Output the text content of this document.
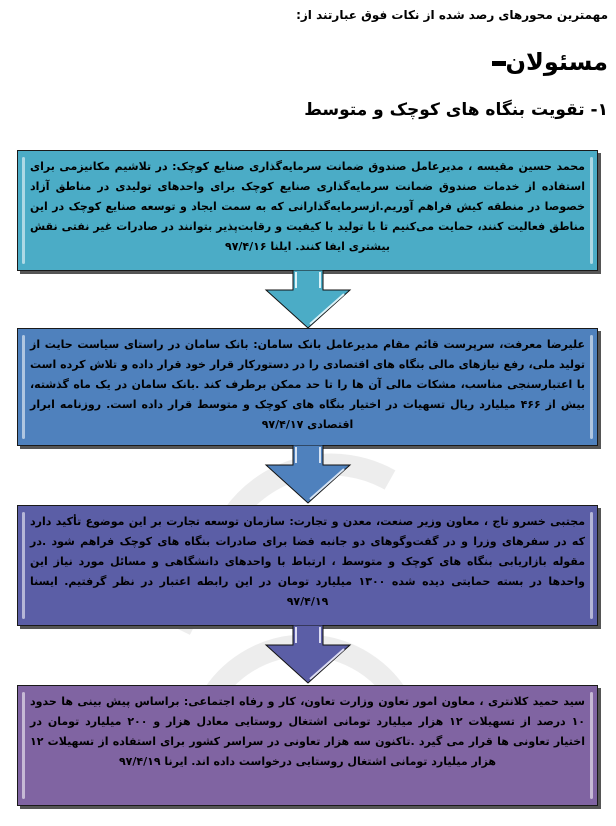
مهمترین محورهای رصد شده از نکات فوق عبارتند از:
مسئولان
۱- تقویت بنگاه های کوچک و متوسط
محمد حسین مقیسه ، مدیرعامل صندوق ضمانت سرمایه‌گذاری صنایع کوچک: در تلاشیم مکانیزمی برای استفاده از خدمات صندوق ضمانت سرمایه‌گذاری صنایع کوچک برای واحدهای تولیدی در مناطق آزاد خصوصا در منطقه کیش فراهم آوریم.ازسرمایه‌گذارانی که به سمت ایجاد و توسعه صنایع کوچک در این مناطق فعالیت کنند، حمایت می‌کنیم تا با تولید با کیفیت و رقابت‌پذیر بتوانند در صادرات غیر نفتی نقش بیشتری ایفا کنند. ایلنا ۹۷/۴/۱۶
علیرضا معرفت، سرپرست قائم مقام مدیرعامل بانک سامان: بانک سامان در راستای سیاست حایت از تولید ملی، رفع نیازهای مالی بنگاه های اقتصادی را در دستورکار قرار خود قرار داده و تلاش کرده است با اعتبارسنجی مناسب، مشکات مالی آن ها را تا حد ممکن برطرف کند .بانک سامان در یک ماه گذشته، بیش از ۴۶۶ میلیارد ریال تسهیات در اختیار بنگاه های کوچک و متوسط قرار داده است. روزنامه ابرار اقتصادی ۹۷/۴/۱۷
مجتبی خسرو تاج ، معاون وزیر صنعت، معدن و تجارت: سازمان توسعه تجارت بر این موضوع تأکید دارد که در سفرهای وزرا و در گفت‌وگوهای دو جانبه فضا برای صادرات بنگاه های کوچک فراهم شود .در مقوله بازاریابی بنگاه های کوچک و متوسط ، ارتباط با واحدهای دانشگاهی و مسائل مورد نیاز این واحدها در بسته حمایتی دیده شده ۱۳۰۰ میلیارد تومان در این رابطه اعتبار در نظر گرفتیم. ایسنا ۹۷/۴/۱۹
سید حمید کلانتری ، معاون امور تعاون وزارت تعاون، کار و رفاه اجتماعی: براساس پیش بینی ها حدود ۱۰ درصد از تسهیلات ۱۲ هزار میلیارد تومانی اشتغال روستایی معادل هزار و ۲۰۰ میلیارد تومان در اختیار تعاونی ها قرار می گیرد .تاکنون سه هزار تعاونی در سراسر کشور برای استفاده از تسهیلات ۱۲ هزار میلیارد تومانی اشتغال روستایی درخواست داده اند. ایرنا ۹۷/۴/۱۹
